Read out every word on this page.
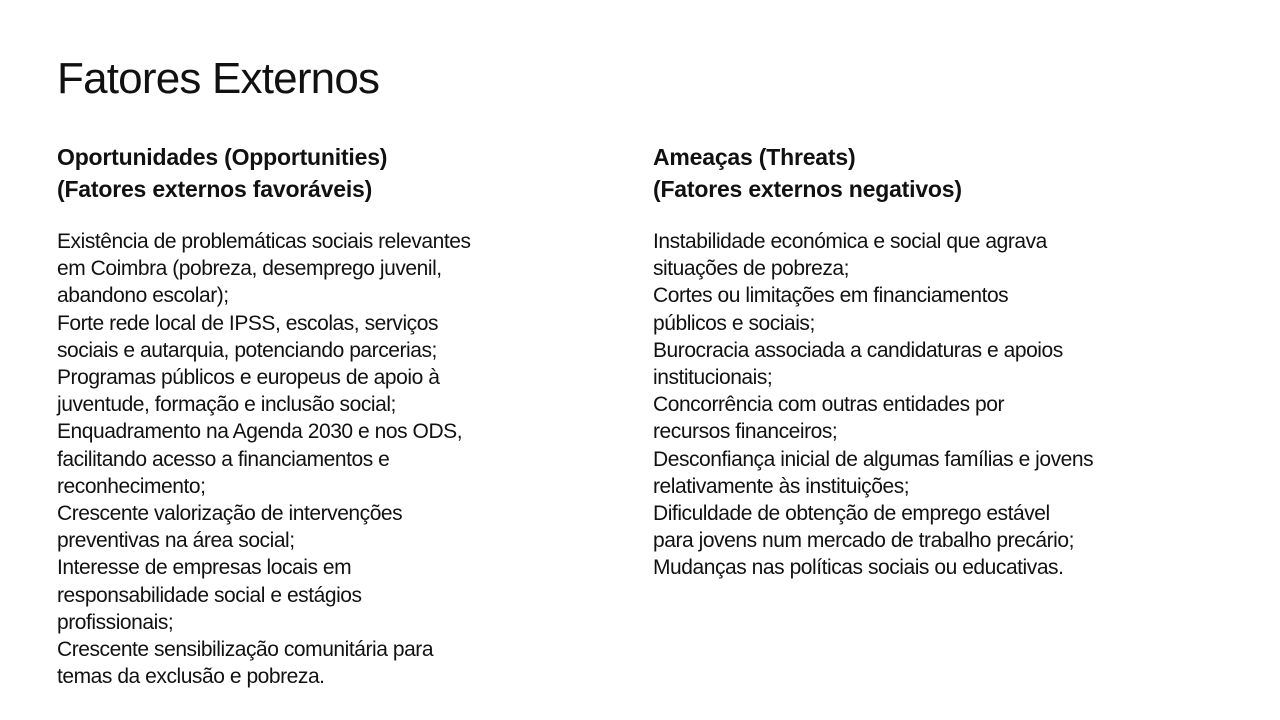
Fatores Externos
Oportunidades (Opportunities)
(Fatores externos favoráveis)
Existência de problemáticas sociais relevantes
em Coimbra (pobreza, desemprego juvenil,
abandono escolar);
Forte rede local de IPSS, escolas, serviços
sociais e autarquia, potenciando parcerias;
Programas públicos e europeus de apoio à
juventude, formação e inclusão social;
Enquadramento na Agenda 2030 e nos ODS,
facilitando acesso a financiamentos e
reconhecimento;
Crescente valorização de intervenções
preventivas na área social;
Interesse de empresas locais em
responsabilidade social e estágios
profissionais;
Crescente sensibilização comunitária para
temas da exclusão e pobreza.
Ameaças (Threats)
(Fatores externos negativos)
Instabilidade económica e social que agrava
situações de pobreza;
Cortes ou limitações em financiamentos
públicos e sociais;
Burocracia associada a candidaturas e apoios
institucionais;
Concorrência com outras entidades por
recursos financeiros;
Desconfiança inicial de algumas famílias e jovens
relativamente às instituições;
Dificuldade de obtenção de emprego estável
para jovens num mercado de trabalho precário;
Mudanças nas políticas sociais ou educativas.
